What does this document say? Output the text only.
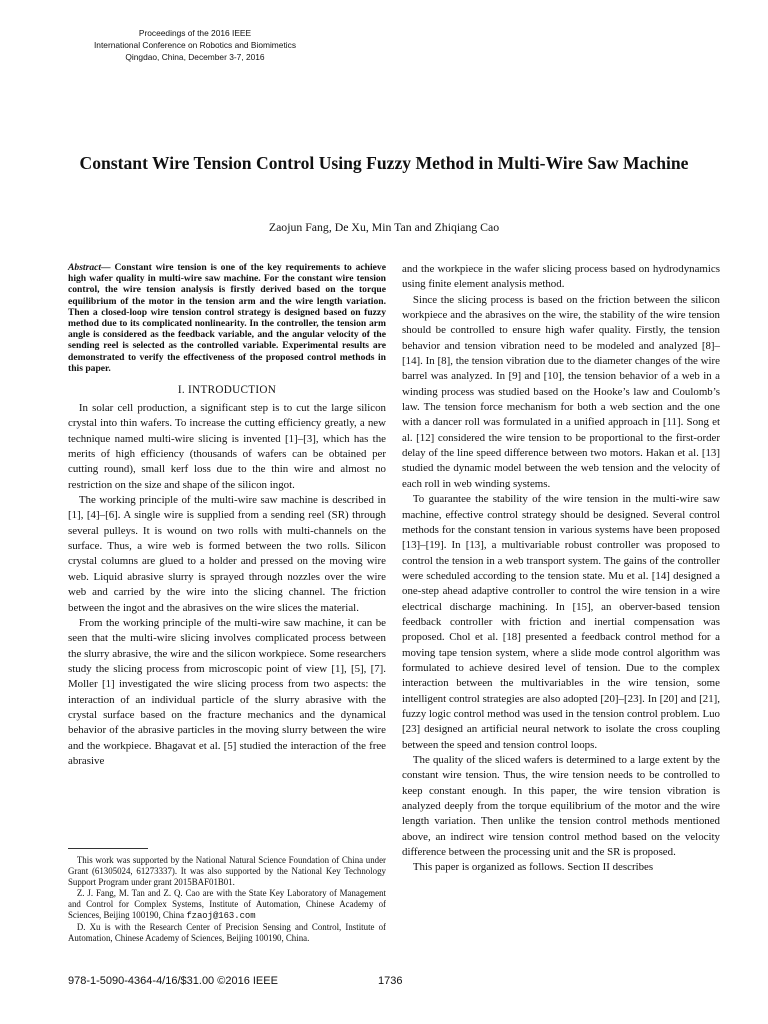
Proceedings of the 2016 IEEE
International Conference on Robotics and Biomimetics
Qingdao, China, December 3-7, 2016
Constant Wire Tension Control Using Fuzzy Method in Multi-Wire Saw Machine
Zaojun Fang, De Xu, Min Tan and Zhiqiang Cao

Abstract— Constant wire tension is one of the key requirements to achieve high wafer quality in multi-wire saw machine. For the constant wire tension control, the wire tension analysis is firstly derived based on the torque equilibrium of the motor in the tension arm and the wire length variation. Then a closed-loop wire tension control strategy is designed based on fuzzy method due to its complicated nonlinearity. In the controller, the tension arm angle is considered as the feedback variable, and the angular velocity of the sending reel is selected as the controlled variable. Experimental results are demonstrated to verify the effectiveness of the proposed control methods in this paper.

I. INTRODUCTION

In solar cell production, a significant step is to cut the large silicon crystal into thin wafers. To increase the cutting efficiency greatly, a new technique named multi-wire slicing is invented [1]–[3], which has the merits of high efficiency (thousands of wafers can be obtained per cutting round), small kerf loss due to the thin wire and almost no restriction on the size and shape of the silicon ingot.

The working principle of the multi-wire saw machine is described in [1], [4]–[6]. A single wire is supplied from a sending reel (SR) through several pulleys. It is wound on two rolls with multi-channels on the surface. Thus, a wire web is formed between the two rolls. Silicon crystal columns are glued to a holder and pressed on the moving wire web. Liquid abrasive slurry is sprayed through nozzles over the wire web and carried by the wire into the slicing channel. The friction between the ingot and the abrasives on the wire slices the material.

From the working principle of the multi-wire saw machine, it can be seen that the multi-wire slicing involves complicated process between the slurry abrasive, the wire and the silicon workpiece. Some researchers study the slicing process from microscopic point of view [1], [5], [7]. Moller [1] investigated the wire slicing process from two aspects: the interaction of an individual particle of the slurry abrasive with the crystal surface based on the fracture mechanics and the dynamical behavior of the abrasive particles in the moving slurry between the wire and the workpiece. Bhagavat et al. [5] studied the interaction of the free abrasive

This work was supported by the National Natural Science Foundation of China under Grant (61305024, 61273337). It was also supported by the National Key Technology Support Program under grant 2015BAF01B01.

Z. J. Fang, M. Tan and Z. Q. Cao are with the State Key Laboratory of Management and Control for Complex Systems, Institute of Automation, Chinese Academy of Sciences, Beijing 100190, China fzaoj@163.com

D. Xu is with the Research Center of Precision Sensing and Control, Institute of Automation, Chinese Academy of Sciences, Beijing 100190, China.

and the workpiece in the wafer slicing process based on hydrodynamics using finite element analysis method.

Since the slicing process is based on the friction between the silicon workpiece and the abrasives on the wire, the stability of the wire tension should be controlled to ensure high wafer quality. Firstly, the tension behavior and tension vibration need to be modeled and analyzed [8]–[14]. In [8], the tension vibration due to the diameter changes of the wire barrel was analyzed. In [9] and [10], the tension behavior of a web in a winding process was studied based on the Hooke’s law and Coulomb’s law. The tension force mechanism for both a web section and the one with a dancer roll was formulated in a unified approach in [11]. Song et al. [12] considered the wire tension to be proportional to the first-order delay of the line speed difference between two motors. Hakan et al. [13] studied the dynamic model between the web tension and the velocity of each roll in web winding systems.

To guarantee the stability of the wire tension in the multi-wire saw machine, effective control strategy should be designed. Several control methods for the constant tension in various systems have been proposed [13]–[19]. In [13], a multivariable robust controller was proposed to control the tension in a web transport system. The gains of the controller were scheduled according to the tension state. Mu et al. [14] designed a one-step ahead adaptive controller to control the wire tension in a wire electrical discharge machining. In [15], an oberver-based tension feedback controller with friction and inertial compensation was proposed. Chol et al. [18] presented a feedback control method for a moving tape tension system, where a slide mode control algorithm was formulated to achieve desired level of tension. Due to the complex interaction between the multivariables in the wire tension, some intelligent control strategies are also adopted [20]–[23]. In [20] and [21], fuzzy logic control method was used in the tension control problem. Luo [23] designed an artificial neural network to isolate the cross coupling between the speed and tension control loops.

The quality of the sliced wafers is determined to a large extent by the constant wire tension. Thus, the wire tension needs to be controlled to keep constant enough. In this paper, the wire tension vibration is analyzed deeply from the torque equilibrium of the motor and the wire length variation. Then unlike the tension control methods mentioned above, an indirect wire tension control method based on the velocity difference between the processing unit and the SR is proposed.

This paper is organized as follows. Section II describes

978-1-5090-4364-4/16/$31.00 ©2016 IEEE	1736
